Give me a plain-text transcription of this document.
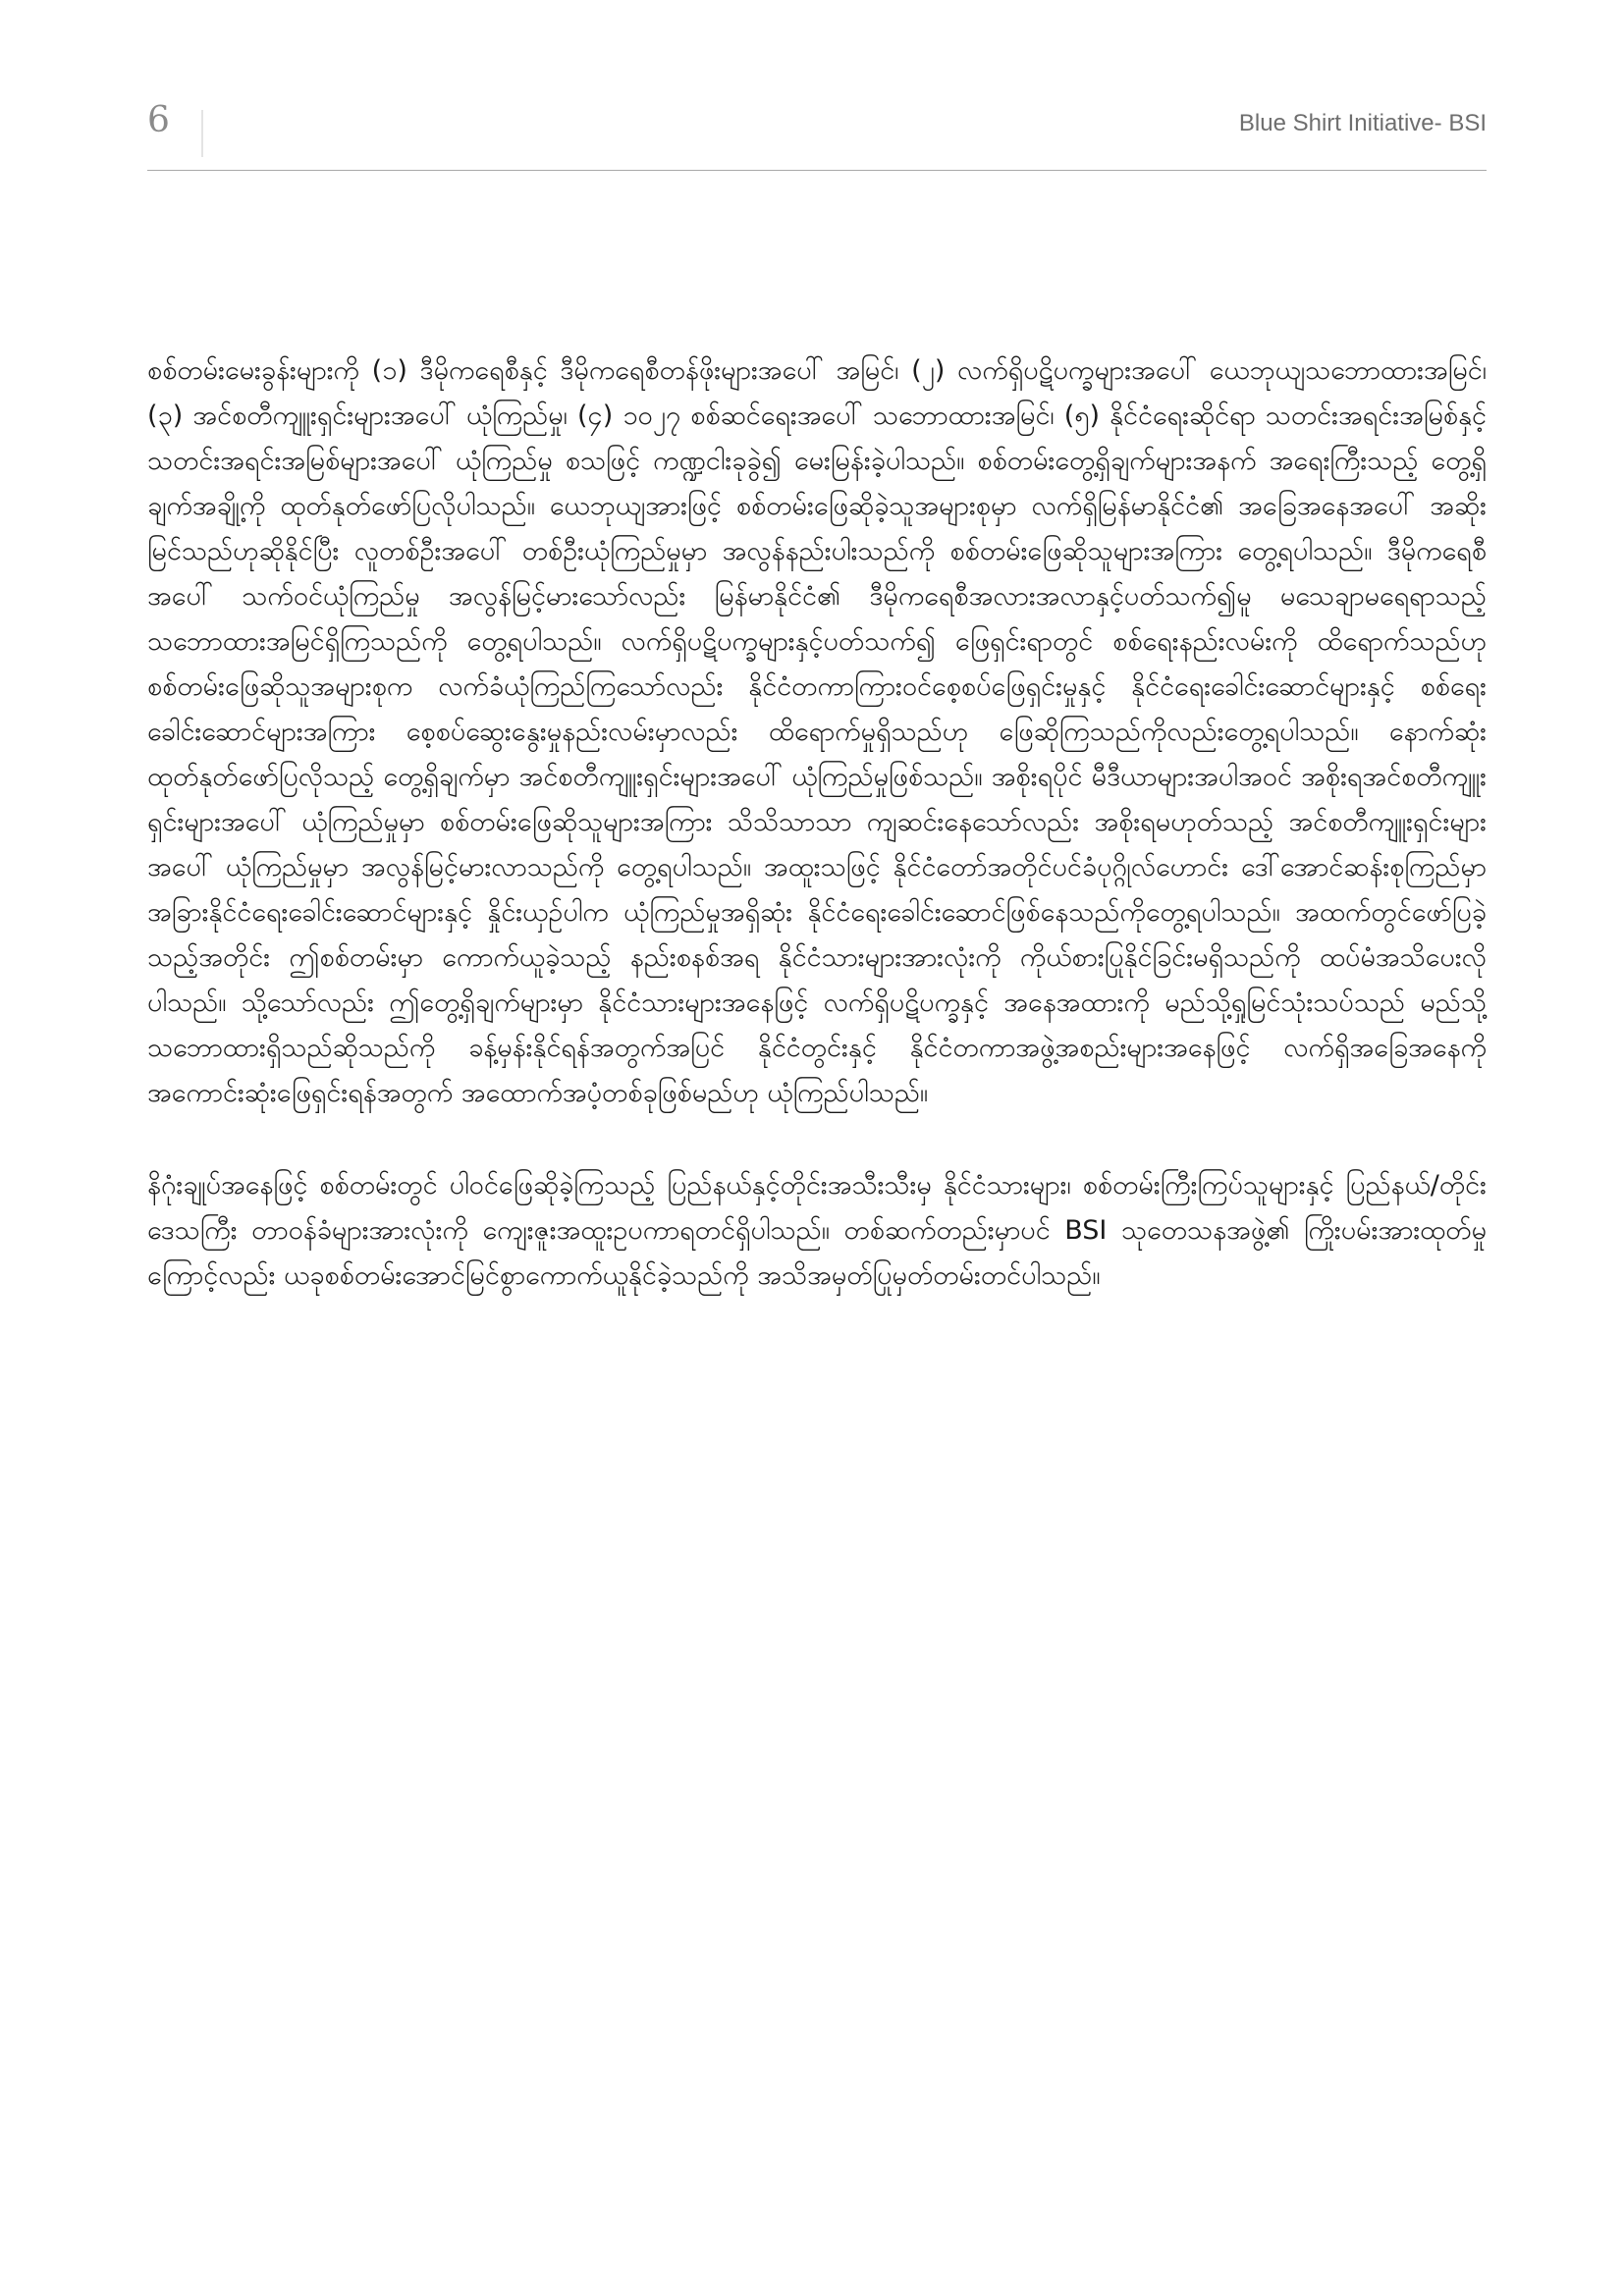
6	Blue Shirt Initiative- BSI

စစ်တမ်းမေးခွန်းများကို (၁) ဒီမိုကရေစီနှင့် ဒီမိုကရေစီတန်ဖိုးများအပေါ် အမြင်၊ (၂) လက်ရှိပဋိပက္ခများအပေါ် ယေဘုယျသဘောထားအမြင်၊ (၃) အင်စတီကျူးရှင်းများအပေါ် ယုံကြည်မှု၊ (၄) ၁၀၂၇ စစ်ဆင်ရေးအပေါ် သဘောထားအမြင်၊ (၅) နိုင်ငံရေးဆိုင်ရာ သတင်းအရင်းအမြစ်နှင့် သတင်းအရင်းအမြစ်များအပေါ် ယုံကြည်မှု စသဖြင့် ကဏ္ဍငါးခုခွဲ၍ မေးမြန်းခဲ့ပါသည်။ စစ်တမ်းတွေ့ရှိချက်များအနက် အရေးကြီးသည့် တွေ့ရှိချက်အချို့ကို ထုတ်နုတ်ဖော်ပြလိုပါသည်။ ယေဘုယျအားဖြင့် စစ်တမ်းဖြေဆိုခဲ့သူအများစုမှာ လက်ရှိမြန်မာနိုင်ငံ၏ အခြေအနေအပေါ် အဆိုးမြင်သည်ဟုဆိုနိုင်ပြီး လူတစ်ဦးအပေါ် တစ်ဦးယုံကြည်မှုမှာ အလွန်နည်းပါးသည်ကို စစ်တမ်းဖြေဆိုသူများအကြား တွေ့ရပါသည်။ ဒီမိုကရေစီအပေါ် သက်ဝင်ယုံကြည်မှု အလွန်မြင့်မားသော်လည်း မြန်မာနိုင်ငံ၏ ဒီမိုကရေစီအလားအလာနှင့်ပတ်သက်၍မူ မသေချာမရေရာသည့် သဘောထားအမြင်ရှိကြသည်ကို တွေ့ရပါသည်။ လက်ရှိပဋိပက္ခများနှင့်ပတ်သက်၍ ဖြေရှင်းရာတွင် စစ်ရေးနည်းလမ်းကို ထိရောက်သည်ဟု စစ်တမ်းဖြေဆိုသူအများစုက လက်ခံယုံကြည်ကြသော်လည်း နိုင်ငံတကာကြားဝင်စေ့စပ်ဖြေရှင်းမှုနှင့် နိုင်ငံရေးခေါင်းဆောင်များနှင့် စစ်ရေးခေါင်းဆောင်များအကြား စေ့စပ်ဆွေးနွေးမှုနည်းလမ်းမှာလည်း ထိရောက်မှုရှိသည်ဟု ဖြေဆိုကြသည်ကိုလည်းတွေ့ရပါသည်။ နောက်ဆုံးထုတ်နုတ်ဖော်ပြလိုသည့် တွေ့ရှိချက်မှာ အင်စတီကျူးရှင်းများအပေါ် ယုံကြည်မှုဖြစ်သည်။ အစိုးရပိုင် မီဒီယာများအပါအဝင် အစိုးရအင်စတီကျူးရှင်းများအပေါ် ယုံကြည်မှုမှာ စစ်တမ်းဖြေဆိုသူများအကြား သိသိသာသာ ကျဆင်းနေသော်လည်း အစိုးရမဟုတ်သည့် အင်စတီကျူးရှင်းများအပေါ် ယုံကြည်မှုမှာ အလွန်မြင့်မားလာသည်ကို တွေ့ရပါသည်။ အထူးသဖြင့် နိုင်ငံတော်အတိုင်ပင်ခံပုဂ္ဂိုလ်ဟောင်း ဒေါ်အောင်ဆန်းစုကြည်မှာ အခြားနိုင်ငံရေးခေါင်းဆောင်များနှင့် နှိုင်းယှဉ်ပါက ယုံကြည်မှုအရှိဆုံး နိုင်ငံရေးခေါင်းဆောင်ဖြစ်နေသည်ကိုတွေ့ရပါသည်။ အထက်တွင်ဖော်ပြခဲ့သည့်အတိုင်း ဤစစ်တမ်းမှာ ကောက်ယူခဲ့သည့် နည်းစနစ်အရ နိုင်ငံသားများအားလုံးကို ကိုယ်စားပြုနိုင်ခြင်းမရှိသည်ကို ထပ်မံအသိပေးလိုပါသည်။ သို့သော်လည်း ဤတွေ့ရှိချက်များမှာ နိုင်ငံသားများအနေဖြင့် လက်ရှိပဋိပက္ခနှင့် အနေအထားကို မည်သို့ရှုမြင်သုံးသပ်သည် မည်သို့သဘောထားရှိသည်ဆိုသည်ကို ခန့်မှန်းနိုင်ရန်အတွက်အပြင် နိုင်ငံတွင်းနှင့် နိုင်ငံတကာအဖွဲ့အစည်းများအနေဖြင့် လက်ရှိအခြေအနေကို အကောင်းဆုံးဖြေရှင်းရန်အတွက် အထောက်အပံ့တစ်ခုဖြစ်မည်ဟု ယုံကြည်ပါသည်။

နိဂုံးချုပ်အနေဖြင့် စစ်တမ်းတွင် ပါဝင်ဖြေဆိုခဲ့ကြသည့် ပြည်နယ်နှင့်တိုင်းအသီးသီးမှ နိုင်ငံသားများ၊ စစ်တမ်းကြီးကြပ်သူများနှင့် ပြည်နယ်/တိုင်းဒေသကြီး တာဝန်ခံများအားလုံးကို ကျေးဇူးအထူးဥပကာရတင်ရှိပါသည်။ တစ်ဆက်တည်းမှာပင် BSI သုတေသနအဖွဲ့၏ ကြိုးပမ်းအားထုတ်မှုကြောင့်လည်း ယခုစစ်တမ်းအောင်မြင်စွာကောက်ယူနိုင်ခဲ့သည်ကို အသိအမှတ်ပြုမှတ်တမ်းတင်ပါသည်။
